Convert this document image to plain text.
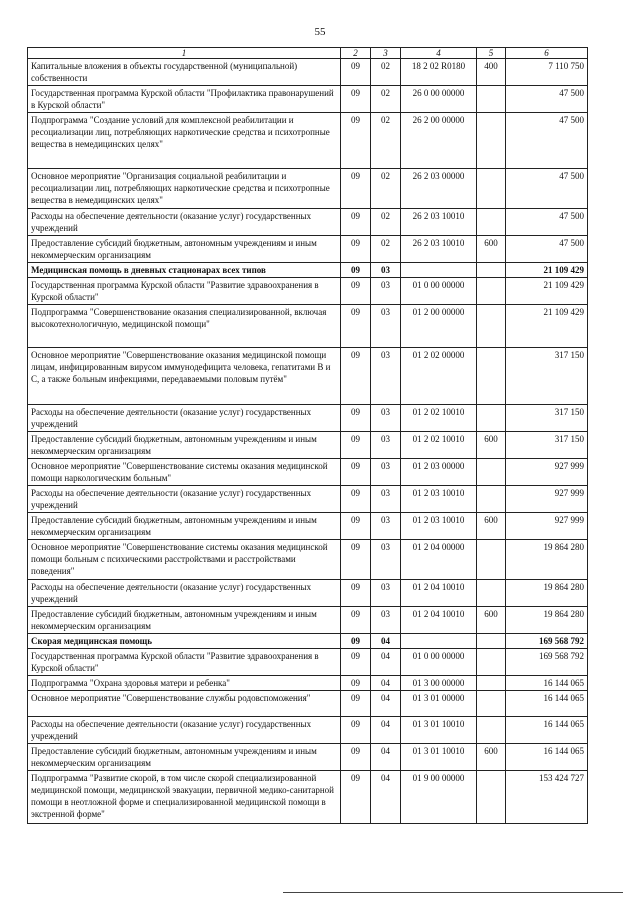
55
1	2	3	4	5	6
Капитальные вложения в объекты государственной (муниципальной) собственности	09	02	18 2 02 R0180	400	7 110 750
Государственная программа Курской области "Профилактика правонарушений в Курской области"	09	02	26 0 00 00000		47 500
Подпрограмма "Создание условий для комплексной реабилитации и ресоциализации лиц, потребляющих наркотические средства и психотропные вещества в немедицинских целях"	09	02	26 2 00 00000		47 500
Основное мероприятие "Организация социальной реабилитации и ресоциализации лиц, потребляющих наркотические средства и психотропные вещества в немедицинских целях"	09	02	26 2 03 00000		47 500
Расходы на обеспечение деятельности (оказание услуг) государственных учреждений	09	02	26 2 03 10010		47 500
Предоставление субсидий бюджетным, автономным учреждениям и иным некоммерческим организациям	09	02	26 2 03 10010	600	47 500
Медицинская помощь в дневных стационарах всех типов	09	03			21 109 429
Государственная программа Курской области "Развитие здравоохранения в Курской области"	09	03	01 0 00 00000		21 109 429
Подпрограмма "Совершенствование оказания специализированной, включая высокотехнологичную, медицинской помощи"	09	03	01 2 00 00000		21 109 429
Основное мероприятие "Совершенствование оказания медицинской помощи лицам, инфицированным вирусом иммунодефицита человека, гепатитами В и С, а также больным инфекциями, передаваемыми половым путём"	09	03	01 2 02 00000		317 150
Расходы на обеспечение деятельности (оказание услуг) государственных учреждений	09	03	01 2 02 10010		317 150
Предоставление субсидий бюджетным, автономным учреждениям и иным некоммерческим организациям	09	03	01 2 02 10010	600	317 150
Основное мероприятие "Совершенствование системы оказания медицинской помощи наркологическим больным"	09	03	01 2 03 00000		927 999
Расходы на обеспечение деятельности (оказание услуг) государственных учреждений	09	03	01 2 03 10010		927 999
Предоставление субсидий бюджетным, автономным учреждениям и иным некоммерческим организациям	09	03	01 2 03 10010	600	927 999
Основное мероприятие "Совершенствование системы оказания медицинской помощи больным с психическими расстройствами и расстройствами поведения"	09	03	01 2 04 00000		19 864 280
Расходы на обеспечение деятельности (оказание услуг) государственных учреждений	09	03	01 2 04 10010		19 864 280
Предоставление субсидий бюджетным, автономным учреждениям и иным некоммерческим организациям	09	03	01 2 04 10010	600	19 864 280
Скорая медицинская помощь	09	04			169 568 792
Государственная программа Курской области "Развитие здравоохранения в Курской области"	09	04	01 0 00 00000		169 568 792
Подпрограмма "Охрана здоровья матери и ребенка"	09	04	01 3 00 00000		16 144 065
Основное мероприятие "Совершенствование службы родовспоможения"	09	04	01 3 01 00000		16 144 065
Расходы на обеспечение деятельности (оказание услуг) государственных учреждений	09	04	01 3 01 10010		16 144 065
Предоставление субсидий бюджетным, автономным учреждениям и иным некоммерческим организациям	09	04	01 3 01 10010	600	16 144 065
Подпрограмма "Развитие скорой, в том числе скорой специализированной медицинской помощи, медицинской эвакуации, первичной медико-санитарной помощи в неотложной форме и специализированной медицинской помощи в экстренной форме"	09	04	01 9 00 00000		153 424 727
